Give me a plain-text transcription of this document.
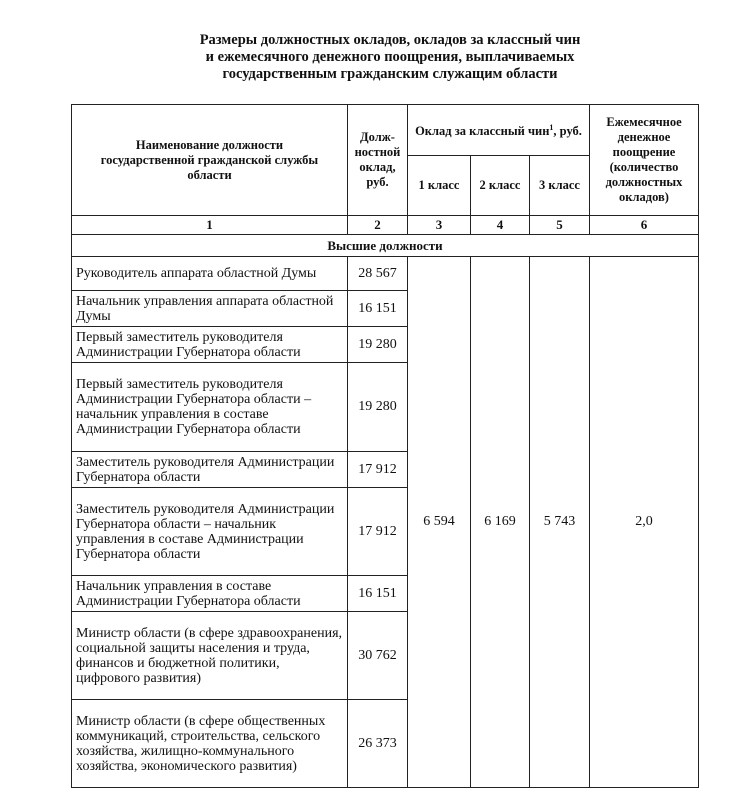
Размеры должностных окладов, окладов за классный чин
и ежемесячного денежного поощрения, выплачиваемых
государственным гражданским служащим области
Наименование должности государственной гражданской службы области	Долж-ностной оклад, руб.	Оклад за классный чин$^1$, руб.			Ежемесячное денежное поощрение (количество должностных окладов)
		1 класс	2 класс	3 класс	
1	2	3	4	5	6
Высшие должности					
Руководитель аппарата областной Думы	28 567	6 594	6 169	5 743	2,0
Начальник управления аппарата областной Думы	16 151				
Первый заместитель руководителя Администрации Губернатора области	19 280				
Первый заместитель руководителя Администрации Губернатора области – начальник управления в составе Администрации Губернатора области	19 280				
Заместитель руководителя Администрации Губернатора области	17 912				
Заместитель руководителя Администрации Губернатора области – начальник управления в составе Администрации Губернатора области	17 912				
Начальник управления в составе Администрации Губернатора области	16 151				
Министр области (в сфере здравоохранения, социальной защиты населения и труда, финансов и бюджетной политики, цифрового развития)	30 762				
Министр области (в сфере общественных коммуникаций, строительства, сельского хозяйства, жилищно-коммунального хозяйства, экономического развития)	26 373				
